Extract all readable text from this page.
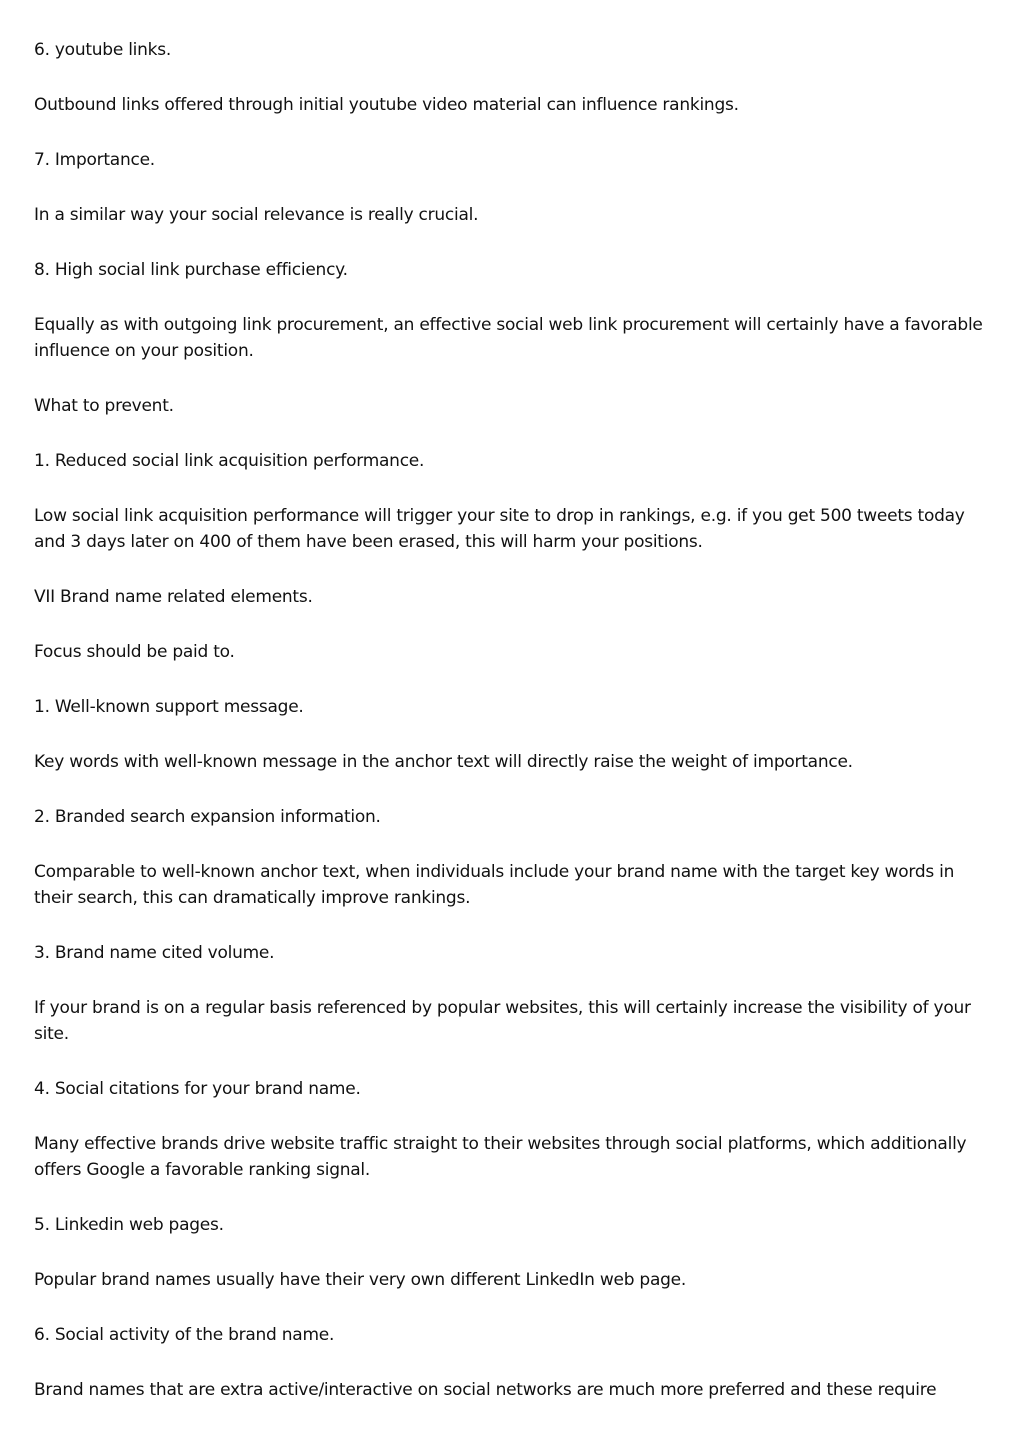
6. youtube links.

Outbound links offered through initial youtube video material can influence rankings.

7. Importance.

In a similar way your social relevance is really crucial.

8. High social link purchase efficiency.

Equally as with outgoing link procurement, an effective social web link procurement will certainly have a favorable influence on your position.

What to prevent.

1. Reduced social link acquisition performance.

Low social link acquisition performance will trigger your site to drop in rankings, e.g. if you get 500 tweets today and 3 days later on 400 of them have been erased, this will harm your positions.

VII Brand name related elements.

Focus should be paid to.

1. Well-known support message.

Key words with well-known message in the anchor text will directly raise the weight of importance.

2. Branded search expansion information.

Comparable to well-known anchor text, when individuals include your brand name with the target key words in their search, this can dramatically improve rankings.

3. Brand name cited volume.

If your brand is on a regular basis referenced by popular websites, this will certainly increase the visibility of your site.

4. Social citations for your brand name.

Many effective brands drive website traffic straight to their websites through social platforms, which additionally offers Google a favorable ranking signal.

5. Linkedin web pages.

Popular brand names usually have their very own different LinkedIn web page.

6. Social activity of the brand name.

Brand names that are extra active/interactive on social networks are much more preferred and these require
